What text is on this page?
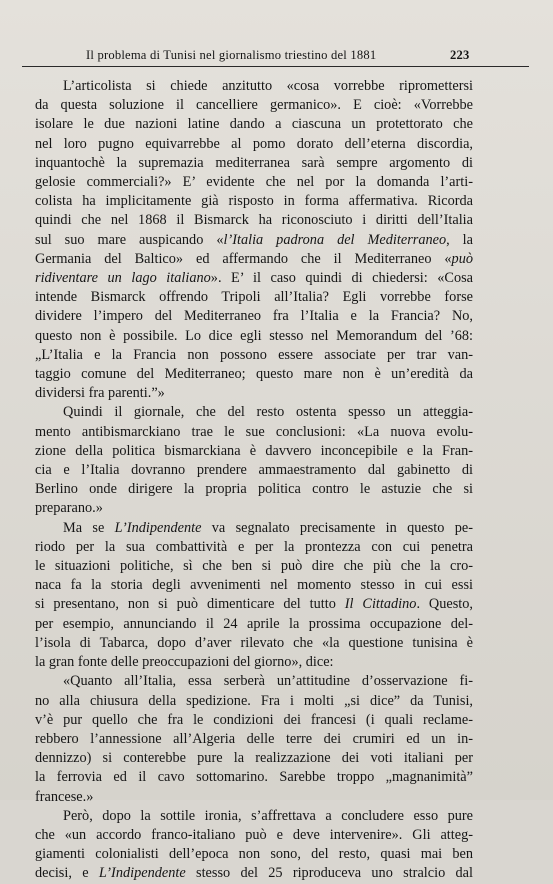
Il problema di Tunisi nel giornalismo triestino del 1881	223
L’articolista si chiede anzitutto «cosa vorrebbe ripromettersi
da questa soluzione il cancelliere germanico». E cioè: «Vorrebbe
isolare le due nazioni latine dando a ciascuna un protettorato che
nel loro pugno equivarrebbe al pomo dorato dell’eterna discordia,
inquantochè la supremazia mediterranea sarà sempre argomento di
gelosie commerciali?» E’ evidente che nel por la domanda l’arti-
colista ha implicitamente già risposto in forma affermativa. Ricorda
quindi che nel 1868 il Bismarck ha riconosciuto i diritti dell’Italia
sul suo mare auspicando «l’Italia padrona del Mediterraneo, la
Germania del Baltico» ed affermando che il Mediterraneo «può
ridiventare un lago italiano». E’ il caso quindi di chiedersi: «Cosa
intende Bismarck offrendo Tripoli all’Italia? Egli vorrebbe forse
dividere l’impero del Mediterraneo fra l’Italia e la Francia? No,
questo non è possibile. Lo dice egli stesso nel Memorandum del ’68:
„L’Italia e la Francia non possono essere associate per trar van-
taggio comune del Mediterraneo; questo mare non è un’eredità da
dividersi fra parenti.”»
Quindi il giornale, che del resto ostenta spesso un atteggia-
mento antibismarckiano trae le sue conclusioni: «La nuova evolu-
zione della politica bismarckiana è davvero inconcepibile e la Fran-
cia e l’Italia dovranno prendere ammaestramento dal gabinetto di
Berlino onde dirigere la propria politica contro le astuzie che si
preparano.»
Ma se L’Indipendente va segnalato precisamente in questo pe-
riodo per la sua combattività e per la prontezza con cui penetra
le situazioni politiche, sì che ben si può dire che più che la cro-
naca fa la storia degli avvenimenti nel momento stesso in cui essi
si presentano, non si può dimenticare del tutto Il Cittadino. Questo,
per esempio, annunciando il 24 aprile la prossima occupazione del-
l’isola di Tabarca, dopo d’aver rilevato che «la questione tunisina è
la gran fonte delle preoccupazioni del giorno», dice:
«Quanto all’Italia, essa serberà un’attitudine d’osservazione fi-
no alla chiusura della spedizione. Fra i molti „si dice” da Tunisi,
v’è pur quello che fra le condizioni dei francesi (i quali reclame-
rebbero l’annessione all’Algeria delle terre dei crumiri ed un in-
dennizzo) si conterebbe pure la realizzazione dei voti italiani per
la ferrovia ed il cavo sottomarino. Sarebbe troppo „magnanimità”
francese.»
Però, dopo la sottile ironia, s’affrettava a concludere esso pure
che «un accordo franco-italiano può e deve intervenire». Gli atteg-
giamenti colonialisti dell’epoca non sono, del resto, quasi mai ben
decisi, e L’Indipendente stesso del 25 riproduceva uno stralcio dal
